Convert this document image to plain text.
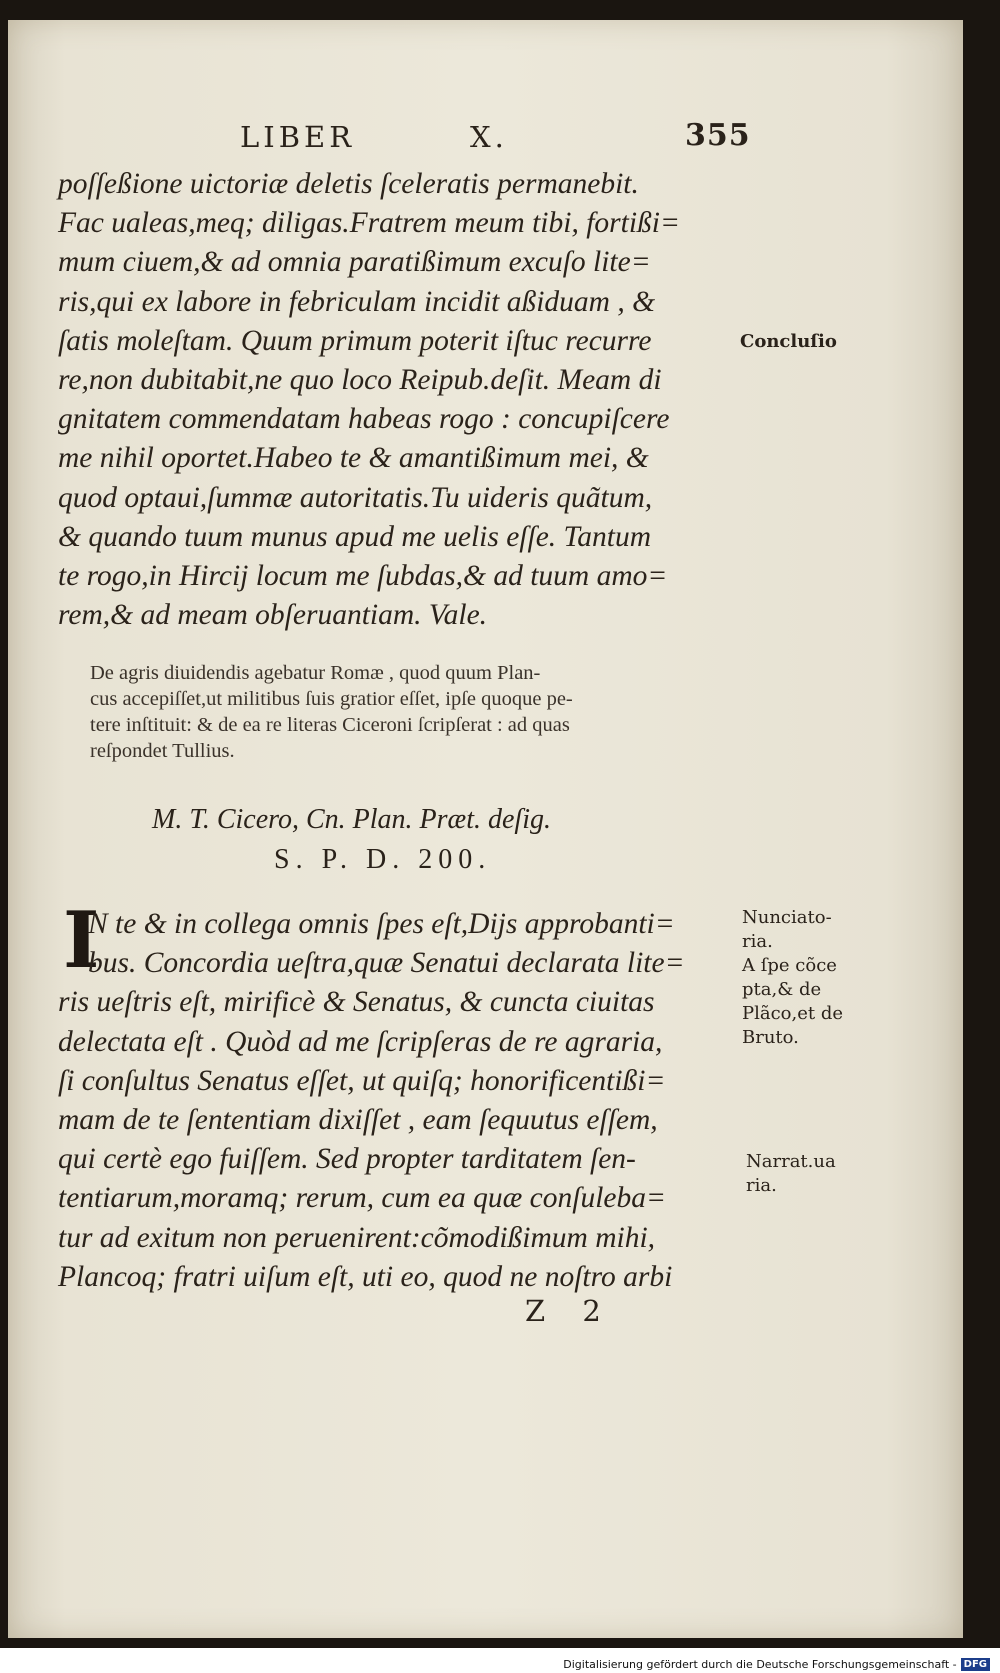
LIBER	X.	355
poſſeßione uictoriæ deletis ſceleratis permanebit.
Fac ualeas,meq; diligas.Fratrem meum tibi, fortißi=
mum ciuem,& ad omnia paratißimum excuſo lite=
ris,qui ex labore in febriculam incidit aßiduam , &
ſatis moleſtam. Quum primum poterit iſtuc recurre
re,non dubitabit,ne quo loco Reipub.deſit. Meam di
gnitatem commendatam habeas rogo : concupiſcere
me nihil oportet.Habeo te & amantißimum mei, &
quod optaui,ſummæ autoritatis.Tu uideris quãtum,
& quando tuum munus apud me uelis eſſe. Tantum
te rogo,in Hircij locum me ſubdas,& ad tuum amo=
rem,& ad meam obſeruantiam. Vale.
Concluſio
De agris diuidendis agebatur Romæ , quod quum Plan-
cus accepiſſet,ut militibus ſuis gratior eſſet, ipſe quoque pe-
tere inſtituit: & de ea re literas Ciceroni ſcripſerat : ad quas
reſpondet Tullius.
M. T. Cicero, Cn. Plan. Præt. deſig.
S. P. D. 200.
I
N te & in collega omnis ſpes eſt,Dijs approbanti=
bus. Concordia ueſtra,quæ Senatui declarata lite=
ris ueſtris eſt, mirificè & Senatus, & cuncta ciuitas
delectata eſt . Quòd ad me ſcripſeras de re agraria,
ſi conſultus Senatus eſſet, ut quiſq; honorificentißi=
mam de te ſententiam dixiſſet , eam ſequutus eſſem,
qui certè ego fuiſſem. Sed propter tarditatem ſen-
tentiarum,moramq; rerum, cum ea quæ conſuleba=
tur ad exitum non peruenirent:cõmodißimum mihi,
Plancoq; fratri uiſum eſt, uti eo, quod ne noſtro arbi
Nunciato-
ria.
A ſpe cõce
pta,& de
Plãco,et de
Bruto.
Narrat.ua
ria.
Z 2
Digitalisierung gefördert durch die Deutsche Forschungsgemeinschaft - DFG
